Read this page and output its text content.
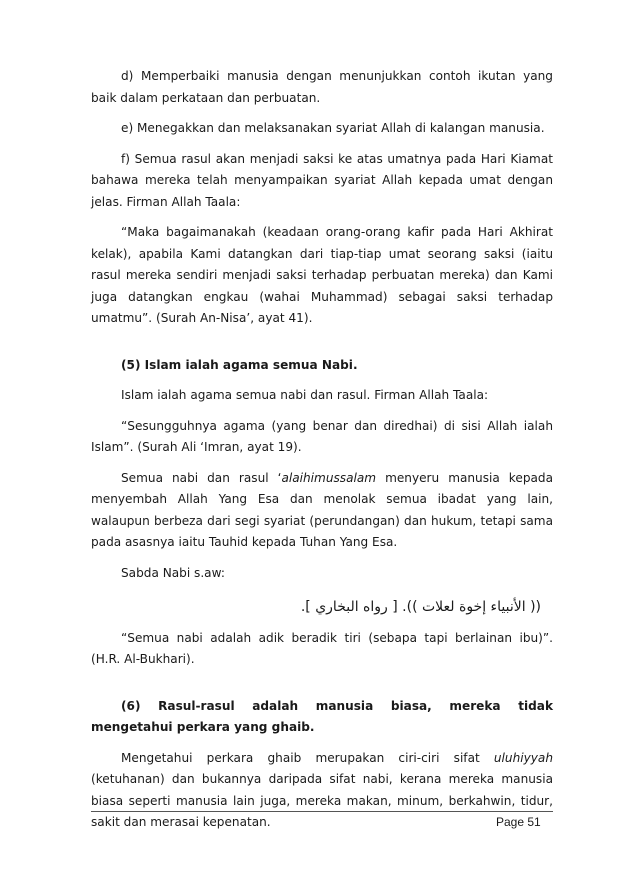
d) Memperbaiki manusia dengan menunjukkan contoh ikutan yang baik dalam perkataan dan perbuatan.

e) Menegakkan dan melaksanakan syariat Allah di kalangan manusia.

f) Semua rasul akan menjadi saksi ke atas umatnya pada Hari Kiamat bahawa mereka telah menyampaikan syariat Allah kepada umat dengan jelas. Firman Allah Taala:

“Maka bagaimanakah (keadaan orang-orang kafir pada Hari Akhirat kelak), apabila Kami datangkan dari tiap-tiap umat seorang saksi (iaitu rasul mereka sendiri menjadi saksi terhadap perbuatan mereka) dan Kami juga datangkan engkau (wahai Muhammad) sebagai saksi terhadap umatmu”. (Surah An-Nisa’, ayat 41).

(5) Islam ialah agama semua Nabi.

Islam ialah agama semua nabi dan rasul. Firman Allah Taala:

“Sesungguhnya agama (yang benar dan diredhai) di sisi Allah ialah Islam”. (Surah Ali ‘Imran, ayat 19).

Semua nabi dan rasul ‘alaihimussalam menyeru manusia kepada menyembah Allah Yang Esa dan menolak semua ibadat yang lain, walaupun berbeza dari segi syariat (perundangan) dan hukum, tetapi sama pada asasnya iaitu Tauhid kepada Tuhan Yang Esa.

Sabda Nabi s.aw:

(( الأنبياء إخوة لعلات )). [ رواه البخاري ].

“Semua nabi adalah adik beradik tiri (sebapa tapi berlainan ibu)”. (H.R. Al-Bukhari).

(6) Rasul-rasul adalah manusia biasa, mereka tidak mengetahui perkara yang ghaib.

Mengetahui perkara ghaib merupakan ciri-ciri sifat uluhiyyah (ketuhanan) dan bukannya daripada sifat nabi, kerana mereka manusia biasa seperti manusia lain juga, mereka makan, minum, berkahwin, tidur, sakit dan merasai kepenatan.	Page 51
